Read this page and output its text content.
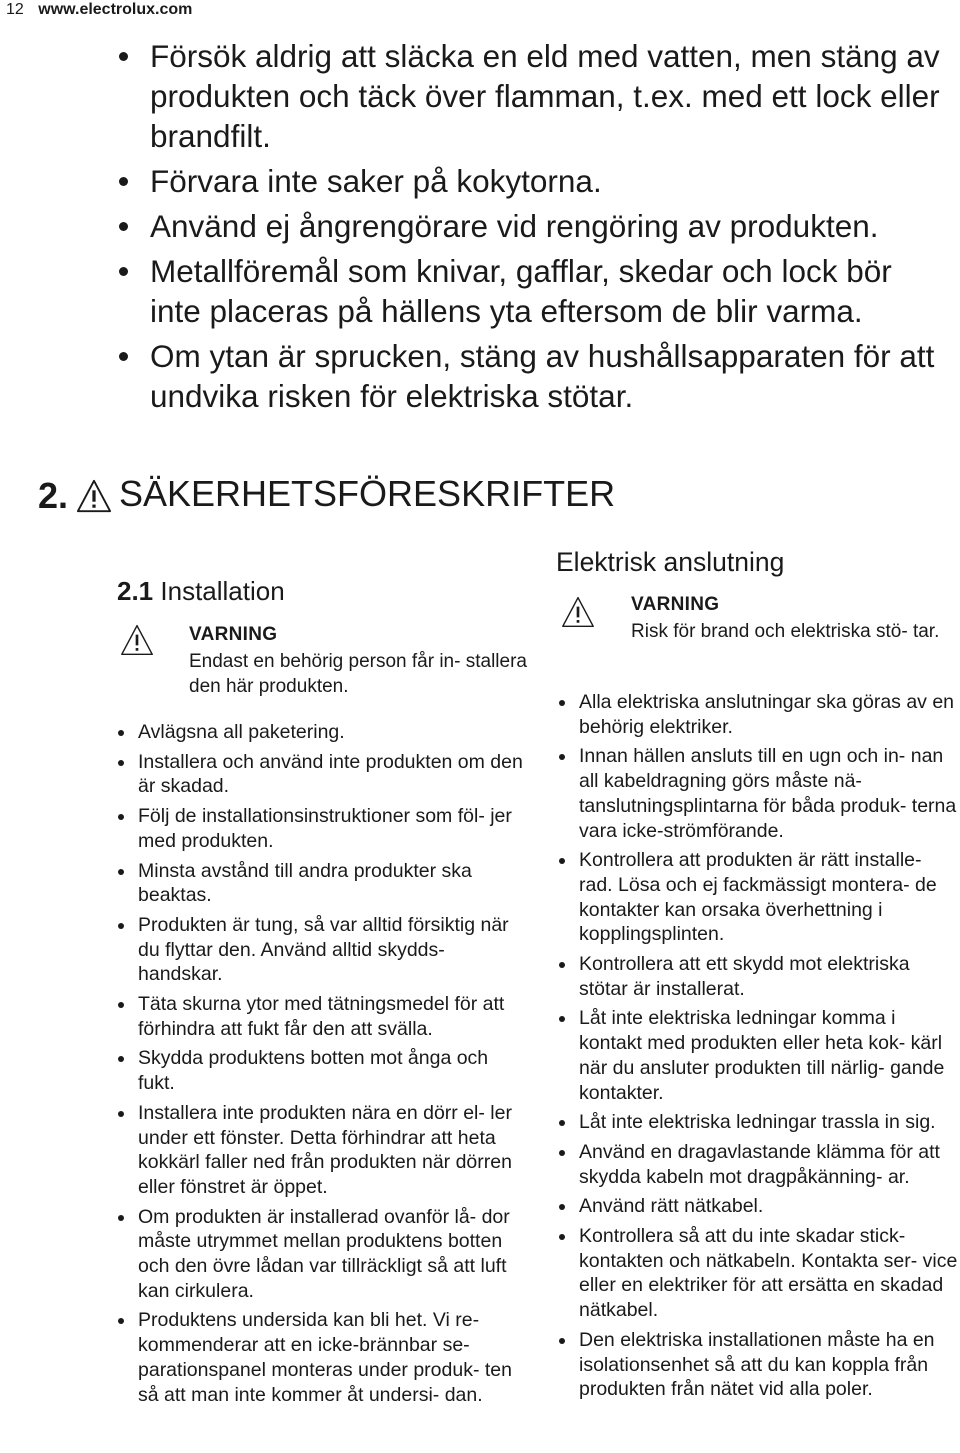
12 www.electrolux.com
Försök aldrig att släcka en eld med vatten, men stäng av produkten och täck över flamman, t.ex. med ett lock eller brandfilt.
Förvara inte saker på kokytorna.
Använd ej ångrengörare vid rengöring av produkten.
Metallföremål som knivar, gafflar, skedar och lock bör inte placeras på hällens yta eftersom de blir varma.
Om ytan är sprucken, stäng av hushållsapparaten för att undvika risken för elektriska stötar.
2. SÄKERHETSFÖRESKRIFTER
2.1 Installation
VARNING
Endast en behörig person får in- stallera den här produkten.
Avlägsna all paketering.
Installera och använd inte produkten om den är skadad.
Följ de installationsinstruktioner som föl- jer med produkten.
Minsta avstånd till andra produkter ska beaktas.
Produkten är tung, så var alltid försiktig när du flyttar den. Använd alltid skydds- handskar.
Täta skurna ytor med tätningsmedel för att förhindra att fukt får den att svälla.
Skydda produktens botten mot ånga och fukt.
Installera inte produkten nära en dörr el- ler under ett fönster. Detta förhindrar att heta kokkärl faller ned från produkten när dörren eller fönstret är öppet.
Om produkten är installerad ovanför lå- dor måste utrymmet mellan produktens botten och den övre lådan var tillräckligt så att luft kan cirkulera.
Produktens undersida kan bli het. Vi re- kommenderar att en icke-brännbar se- parationspanel monteras under produk- ten så att man inte kommer åt undersi- dan.
Elektrisk anslutning
VARNING
Risk för brand och elektriska stö- tar.
Alla elektriska anslutningar ska göras av en behörig elektriker.
Innan hällen ansluts till en ugn och in- nan all kabeldragning görs måste nä- tanslutningsplintarna för båda produk- terna vara icke-strömförande.
Kontrollera att produkten är rätt installe- rad. Lösa och ej fackmässigt montera- de kontakter kan orsaka överhettning i kopplingsplinten.
Kontrollera att ett skydd mot elektriska stötar är installerat.
Låt inte elektriska ledningar komma i kontakt med produkten eller heta kok- kärl när du ansluter produkten till närlig- gande kontakter.
Låt inte elektriska ledningar trassla in sig.
Använd en dragavlastande klämma för att skydda kabeln mot dragpåkänning- ar.
Använd rätt nätkabel.
Kontrollera så att du inte skadar stick- kontakten och nätkabeln. Kontakta ser- vice eller en elektriker för att ersätta en skadad nätkabel.
Den elektriska installationen måste ha en isolationsenhet så att du kan koppla från produkten från nätet vid alla poler.
